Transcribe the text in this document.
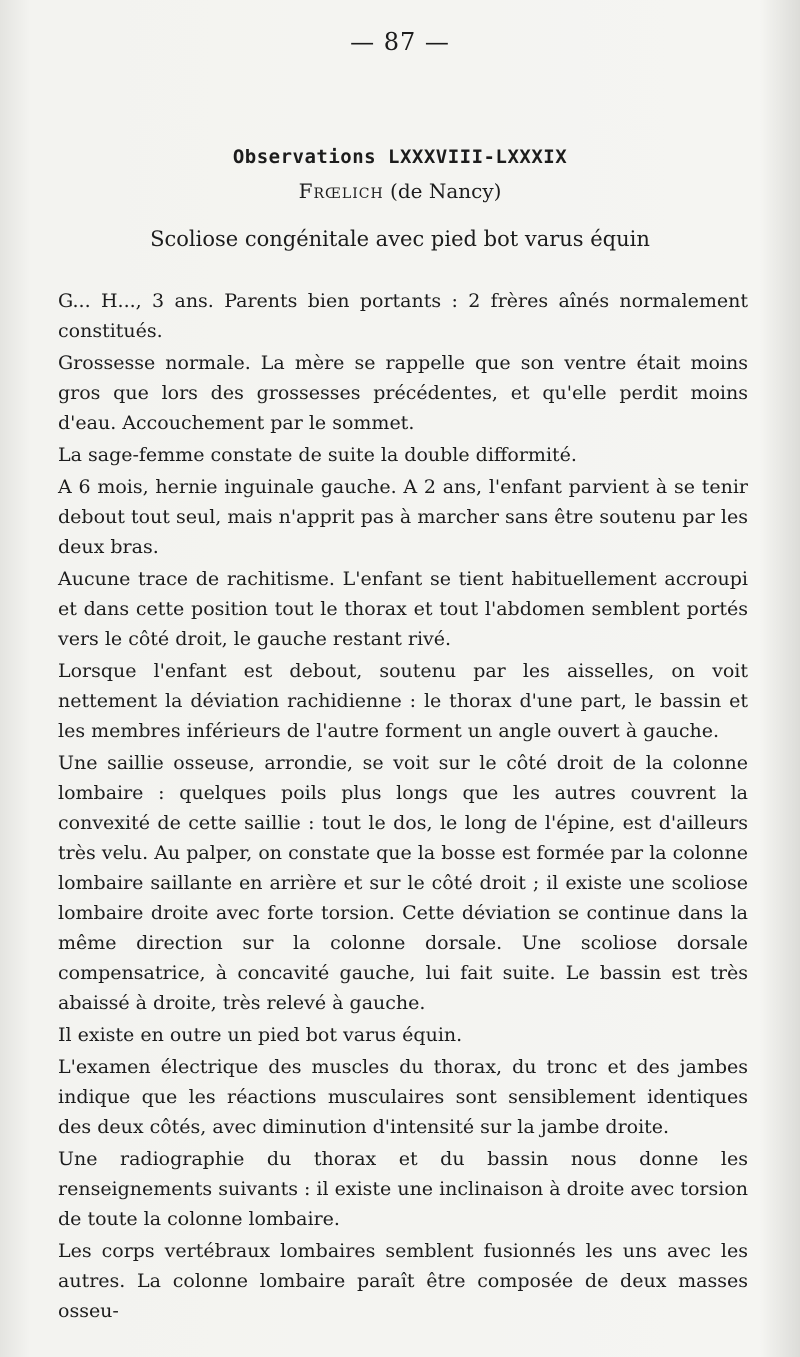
— 87 —
Observations LXXXVIII-LXXXIX
Frœlich (de Nancy)
Scoliose congénitale avec pied bot varus équin

G... H..., 3 ans. Parents bien portants : 2 frères aînés normalement constitués.

Grossesse normale. La mère se rappelle que son ventre était moins gros que lors des grossesses précédentes, et qu'elle perdit moins d'eau. Accouchement par le sommet.

La sage-femme constate de suite la double difformité.

A 6 mois, hernie inguinale gauche. A 2 ans, l'enfant parvient à se tenir debout tout seul, mais n'apprit pas à marcher sans être soutenu par les deux bras.

Aucune trace de rachitisme. L'enfant se tient habituellement accroupi et dans cette position tout le thorax et tout l'abdomen semblent portés vers le côté droit, le gauche restant rivé.

Lorsque l'enfant est debout, soutenu par les aisselles, on voit nettement la déviation rachidienne : le thorax d'une part, le bassin et les membres inférieurs de l'autre forment un angle ouvert à gauche.

Une saillie osseuse, arrondie, se voit sur le côté droit de la colonne lombaire : quelques poils plus longs que les autres couvrent la convexité de cette saillie : tout le dos, le long de l'épine, est d'ailleurs très velu. Au palper, on constate que la bosse est formée par la colonne lombaire saillante en arrière et sur le côté droit ; il existe une scoliose lombaire droite avec forte torsion. Cette déviation se continue dans la même direction sur la colonne dorsale. Une scoliose dorsale compensatrice, à concavité gauche, lui fait suite. Le bassin est très abaissé à droite, très relevé à gauche.

Il existe en outre un pied bot varus équin.

L'examen électrique des muscles du thorax, du tronc et des jambes indique que les réactions musculaires sont sensiblement identiques des deux côtés, avec diminution d'intensité sur la jambe droite.

Une radiographie du thorax et du bassin nous donne les renseignements suivants : il existe une inclinaison à droite avec torsion de toute la colonne lombaire.

Les corps vertébraux lombaires semblent fusionnés les uns avec les autres. La colonne lombaire paraît être composée de deux masses osseu-
